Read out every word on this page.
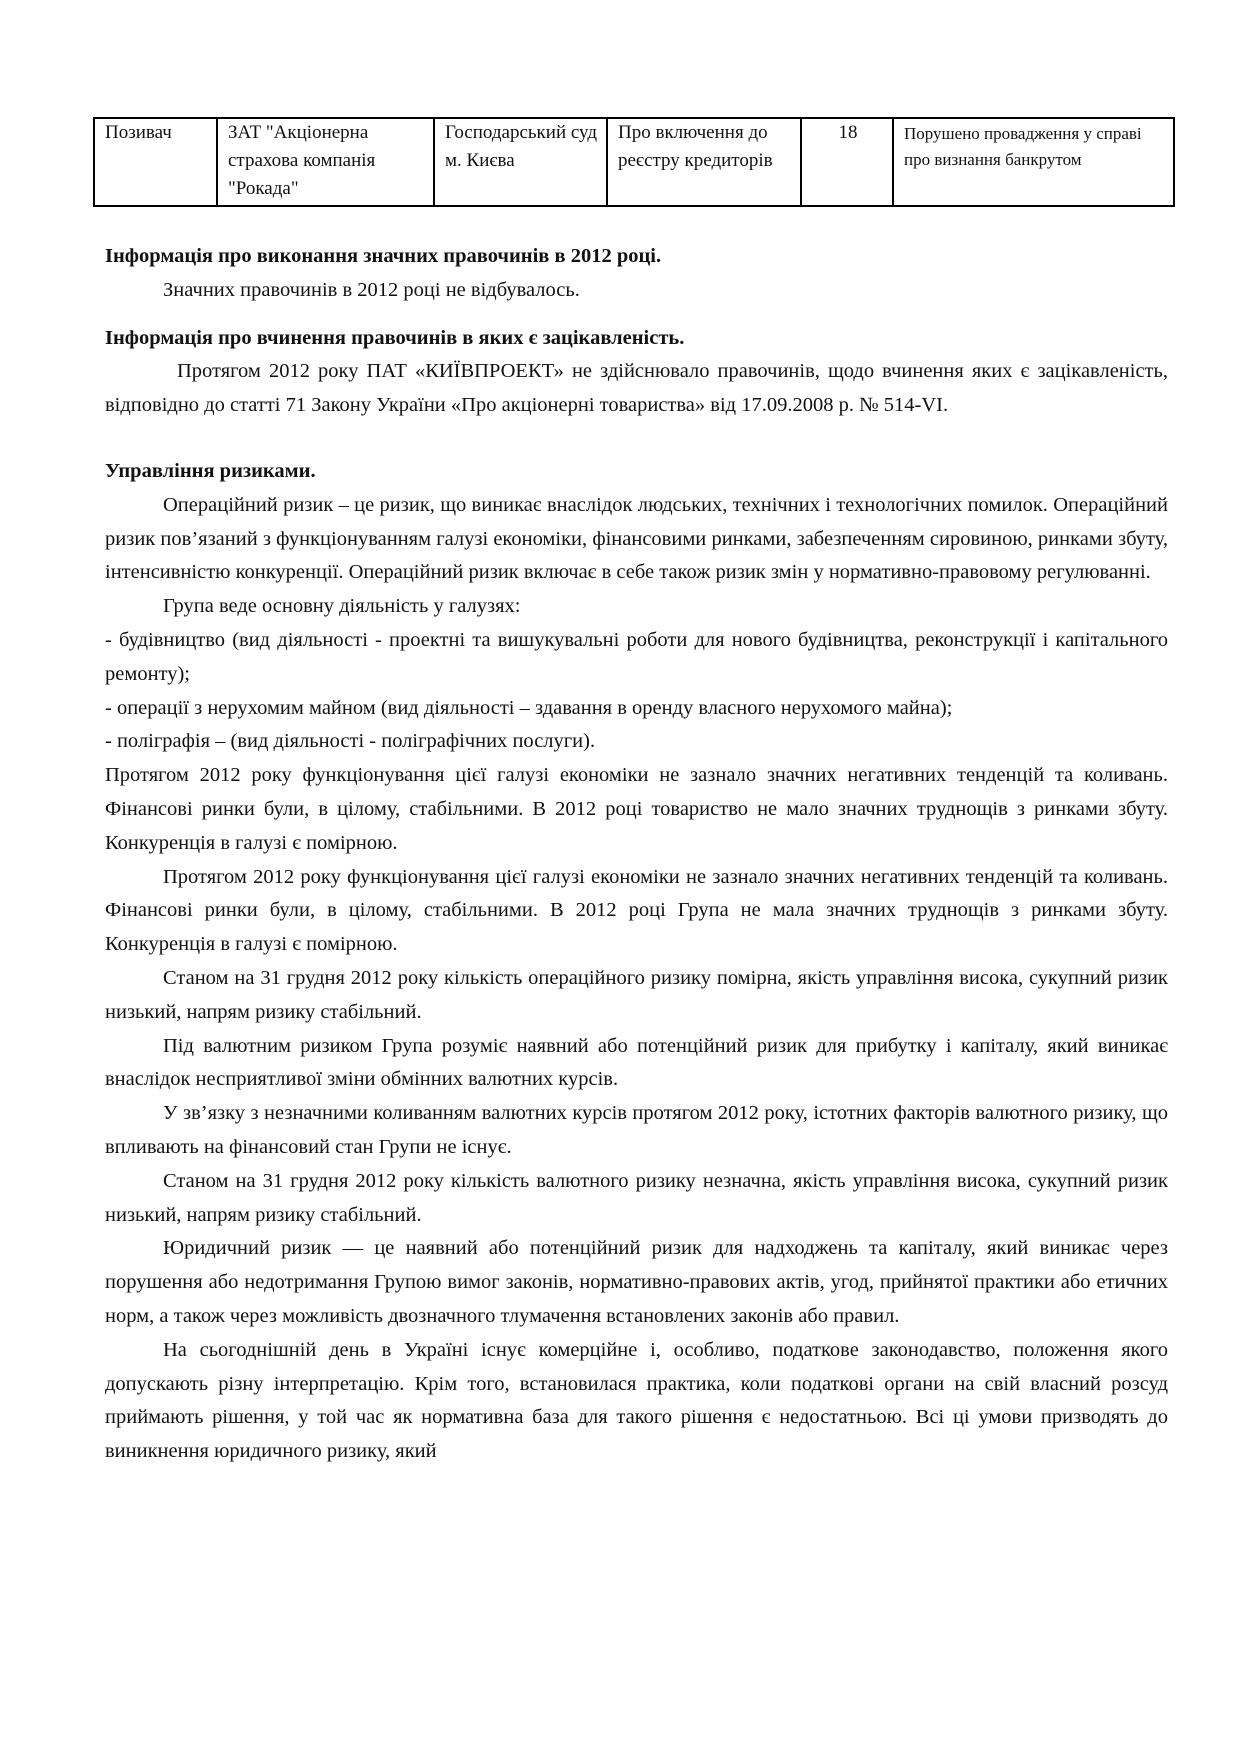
Позивач	ЗАТ "Акціонерна страхова компанія "Рокада"	Господарський суд м. Києва	Про включення до реєстру кредиторів	18	Порушено провадження у справі про визнання банкрутом

Інформація про виконання значних правочинів в 2012 році.

Значних правочинів в 2012 році не відбувалось.

Інформація про вчинення правочинів в яких є зацікавленість.

Протягом 2012 року ПАТ «КИЇВПРОЕКТ» не здійснювало правочинів, щодо вчинення яких є зацікавленість, відповідно до статті 71 Закону України «Про акціонерні товариства» від 17.09.2008 р. № 514-VI.

Управління ризиками.

Операційний ризик – це ризик, що виникає внаслідок людських, технічних і технологічних помилок. Операційний ризик пов’язаний з функціонуванням галузі економіки, фінансовими ринками, забезпеченням сировиною, ринками збуту, інтенсивністю конкуренції. Операційний ризик включає в себе також ризик змін у нормативно-правовому регулюванні.

Група веде основну діяльність у галузях:

- будівництво (вид діяльності - проектні та вишукувальні роботи для нового будівництва, реконструкції і капітального ремонту);

- операції з нерухомим майном (вид діяльності – здавання в оренду власного нерухомого майна);

- поліграфія – (вид діяльності - поліграфічних послуги).

Протягом 2012 року функціонування цієї галузі економіки не зазнало значних негативних тенденцій та коливань. Фінансові ринки були, в цілому, стабільними. В 2012 році товариство не мало значних труднощів з ринками збуту. Конкуренція в галузі є помірною.

Протягом 2012 року функціонування цієї галузі економіки не зазнало значних негативних тенденцій та коливань. Фінансові ринки були, в цілому, стабільними. В 2012 році Група не мала значних труднощів з ринками збуту. Конкуренція в галузі є помірною.

Станом на 31 грудня 2012 року кількість операційного ризику помірна, якість управління висока, сукупний ризик низький, напрям ризику стабільний.

Під валютним ризиком Група розуміє наявний або потенційний ризик для прибутку і капіталу, який виникає внаслідок несприятливої зміни обмінних валютних курсів.

У зв’язку з незначними коливанням валютних курсів протягом 2012 року, істотних факторів валютного ризику, що впливають на фінансовий стан Групи не існує.

Станом на 31 грудня 2012 року кількість валютного ризику незначна, якість управління висока, сукупний ризик низький, напрям ризику стабільний.

Юридичний ризик — це наявний або потенційний ризик для надходжень та капіталу, який виникає через порушення або недотримання Групою вимог законів, нормативно-правових актів, угод, прийнятої практики або етичних норм, а також через можливість двозначного тлумачення встановлених законів або правил.

На сьогоднішній день в Україні існує комерційне і, особливо, податкове законодавство, положення якого допускають різну інтерпретацію. Крім того, встановилася практика, коли податкові органи на свій власний розсуд приймають рішення, у той час як нормативна база для такого рішення є недостатньою. Всі ці умови призводять до виникнення юридичного ризику, який
